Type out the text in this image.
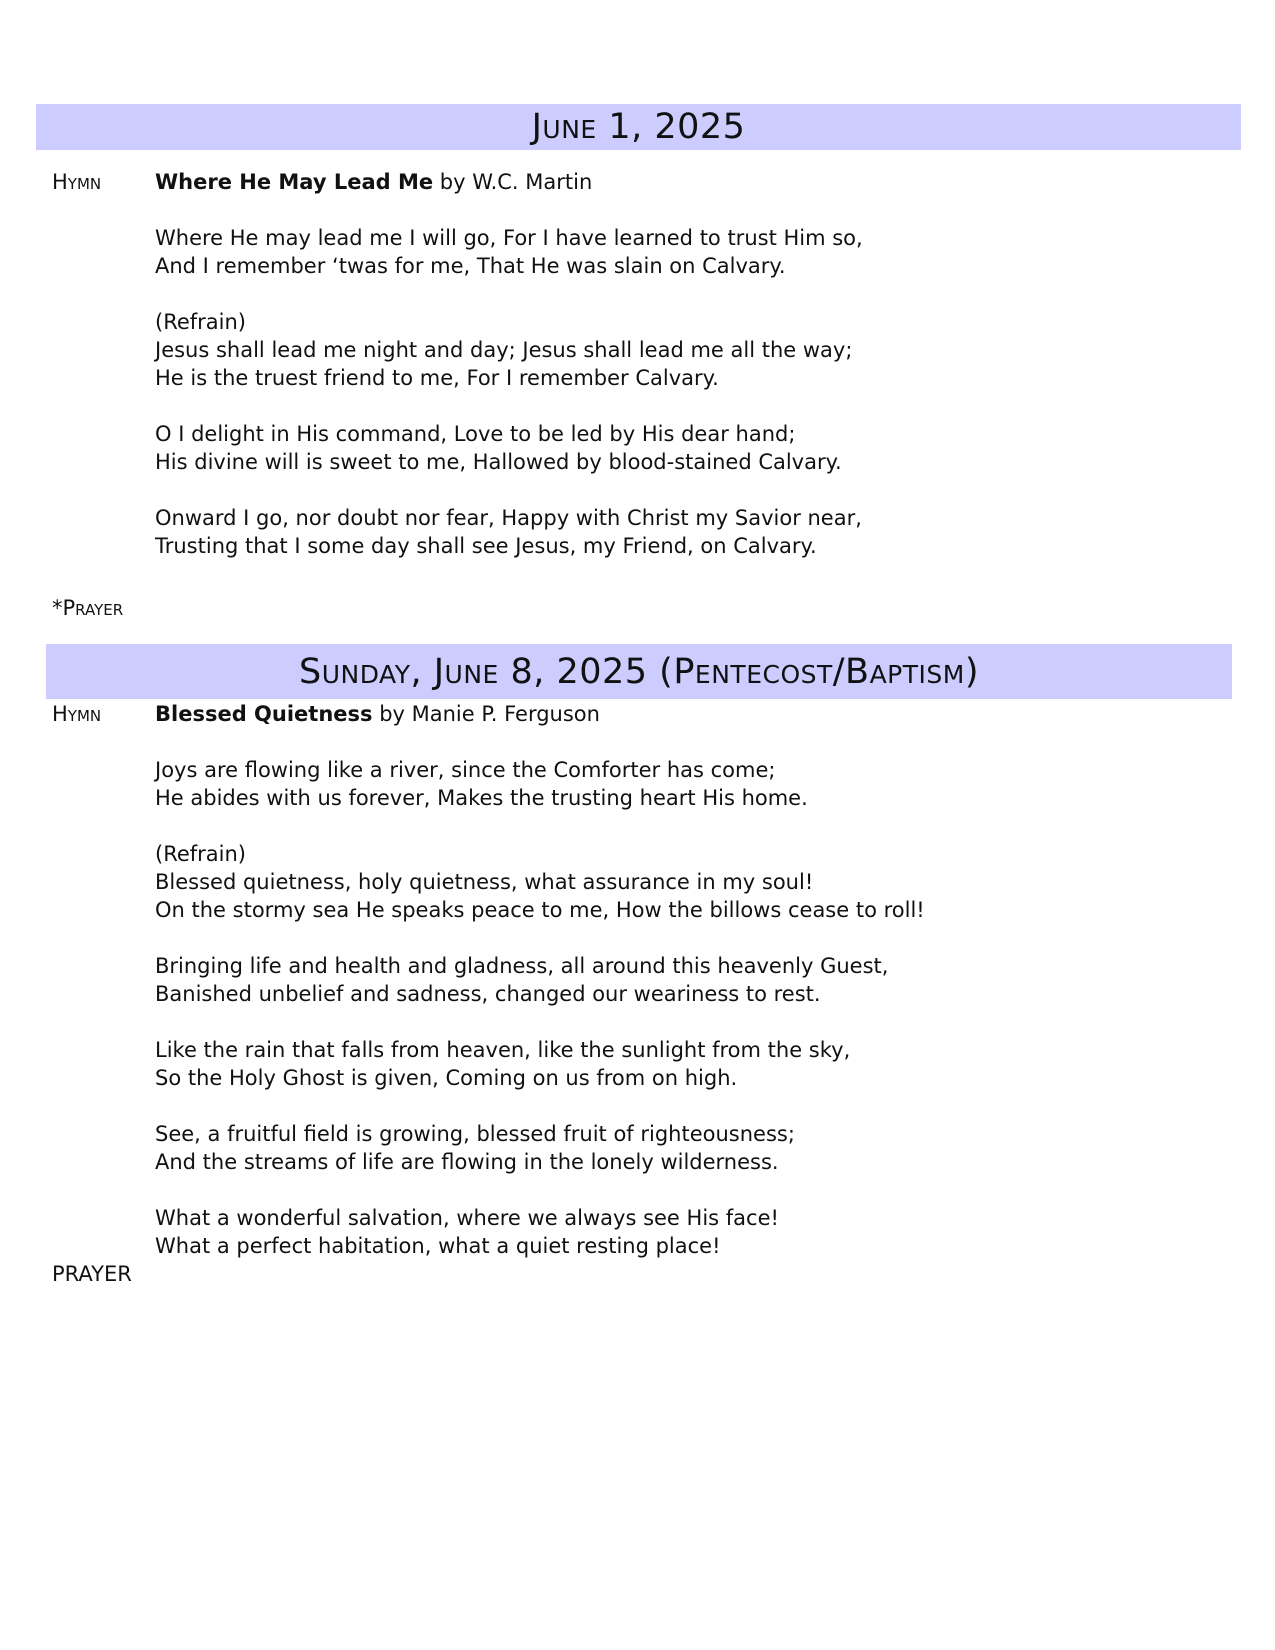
June 1, 2025
Hymn	Where He May Lead Me by W.C. Martin
Where He may lead me I will go, For I have learned to trust Him so,
And I remember ‘twas for me, That He was slain on Calvary.
(Refrain)
Jesus shall lead me night and day; Jesus shall lead me all the way;
He is the truest friend to me, For I remember Calvary.
O I delight in His command, Love to be led by His dear hand;
His divine will is sweet to me, Hallowed by blood-stained Calvary.
Onward I go, nor doubt nor fear, Happy with Christ my Savior near,
Trusting that I some day shall see Jesus, my Friend, on Calvary.
*Prayer
Sunday, June 8, 2025 (Pentecost/Baptism)
Hymn	Blessed Quietness by Manie P. Ferguson
Joys are flowing like a river, since the Comforter has come;
He abides with us forever, Makes the trusting heart His home.
(Refrain)
Blessed quietness, holy quietness, what assurance in my soul!
On the stormy sea He speaks peace to me, How the billows cease to roll!
Bringing life and health and gladness, all around this heavenly Guest,
Banished unbelief and sadness, changed our weariness to rest.
Like the rain that falls from heaven, like the sunlight from the sky,
So the Holy Ghost is given, Coming on us from on high.
See, a fruitful field is growing, blessed fruit of righteousness;
And the streams of life are flowing in the lonely wilderness.
What a wonderful salvation, where we always see His face!
What a perfect habitation, what a quiet resting place!
PRAYER
